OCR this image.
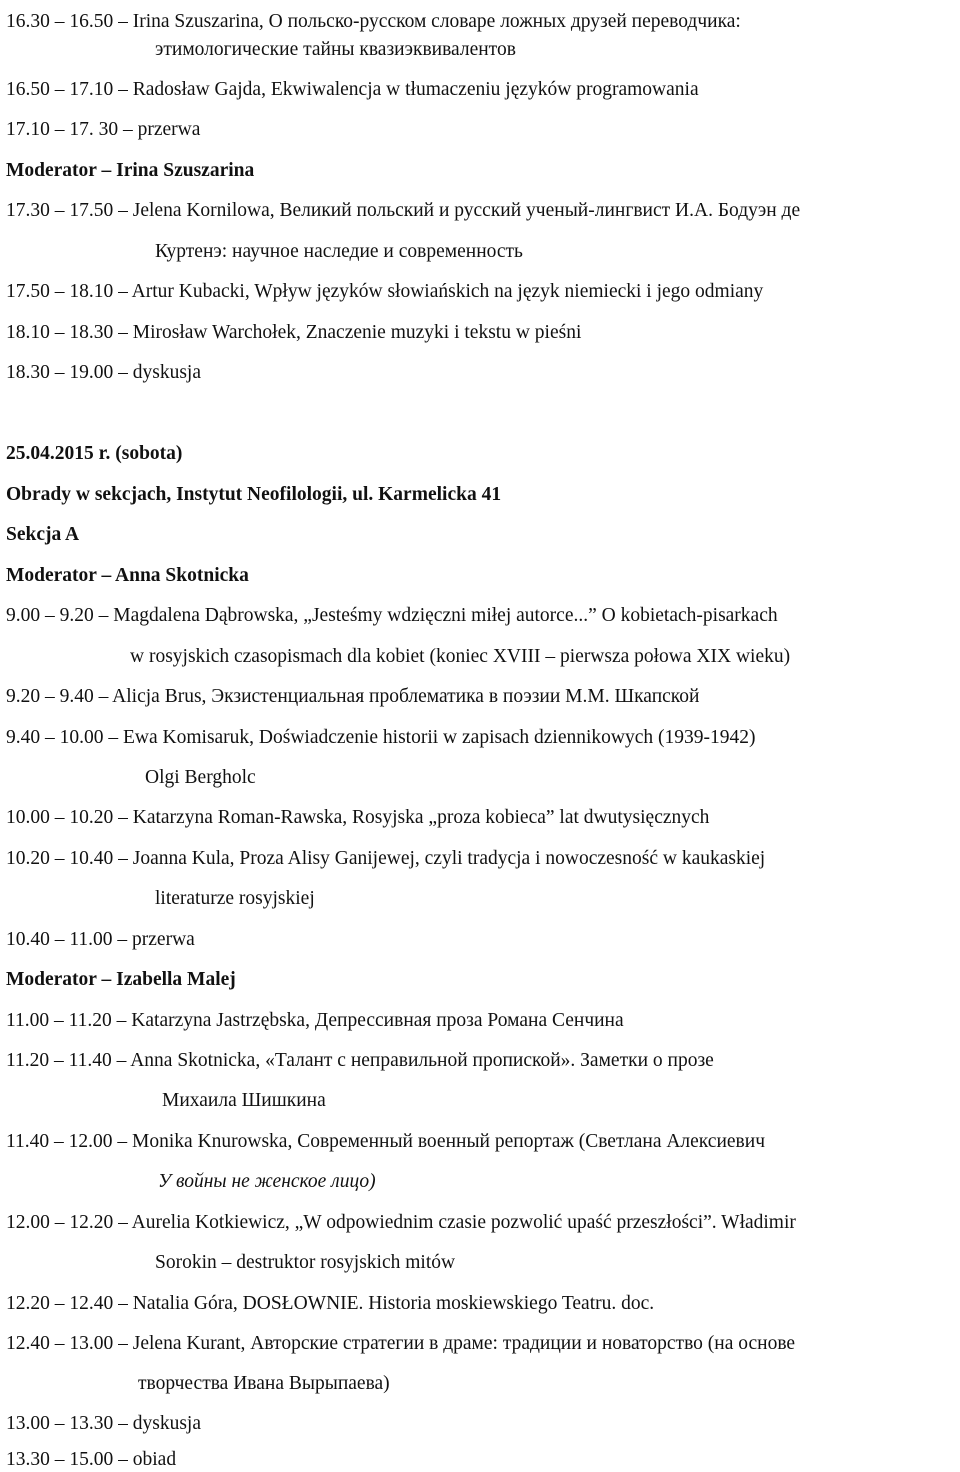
16.30 – 16.50 – Irina Szuszarina, О польско-русском словаре ложных друзей переводчика:
этимологические тайны квазиэквивалентов
16.50 – 17.10 – Radosław Gajda, Ekwiwalencja w tłumaczeniu języków programowania
17.10 – 17. 30 – przerwa
Moderator – Irina Szuszarina
17.30 – 17.50 – Jelena Kornilowa, Великий польский и русский ученый-лингвист И.А. Бодуэн де
Куртенэ: научное наследие и современность
17.50 – 18.10 – Artur Kubacki, Wpływ języków słowiańskich na język niemiecki i jego odmiany
18.10 – 18.30 – Mirosław Warchołek, Znaczenie muzyki i tekstu w pieśni
18.30 – 19.00 – dyskusja
25.04.2015 r. (sobota)
Obrady w sekcjach, Instytut Neofilologii, ul. Karmelicka 41
Sekcja A
Moderator – Anna Skotnicka
9.00 – 9.20 – Magdalena Dąbrowska, „Jesteśmy wdzięczni miłej autorce...” O kobietach-pisarkach
w rosyjskich czasopismach dla kobiet (koniec XVIII – pierwsza połowa XIX wieku)
9.20 – 9.40 – Alicja Brus, Экзистенциальная проблематика в поэзии М.М. Шкапской
9.40 – 10.00 – Ewa Komisaruk, Doświadczenie historii w zapisach dziennikowych (1939-1942)
Olgi Bergholc
10.00 – 10.20 – Katarzyna Roman-Rawska, Rosyjska „proza kobieca” lat dwutysięcznych
10.20 – 10.40 – Joanna Kula, Proza Alisy Ganijewej, czyli tradycja i nowoczesność w kaukaskiej
literaturze rosyjskiej
10.40 – 11.00 – przerwa
Moderator – Izabella Malej
11.00 – 11.20 – Katarzyna Jastrzębska, Депрессивная проза Романа Сенчина
11.20 – 11.40 – Anna Skotnicka, «Талант с неправильной пропиской». Заметки о прозе
Михаила Шишкина
11.40 – 12.00 – Monika Knurowska, Современный военный репортаж (Светлана Алексиевич
У войны не женское лицо)
12.00 – 12.20 – Aurelia Kotkiewicz, „W odpowiednim czasie pozwolić upaść przeszłości”. Władimir
Sorokin – destruktor rosyjskich mitów
12.20 – 12.40 – Natalia Góra, DOSŁOWNIE. Historia moskiewskiego Teatru. doc.
12.40 – 13.00 – Jelena Kurant, Авторские стратегии в драме: традиции и новаторство (на основе
творчества Ивана Вырыпаева)
13.00 – 13.30 – dyskusja
13.30 – 15.00 – obiad
